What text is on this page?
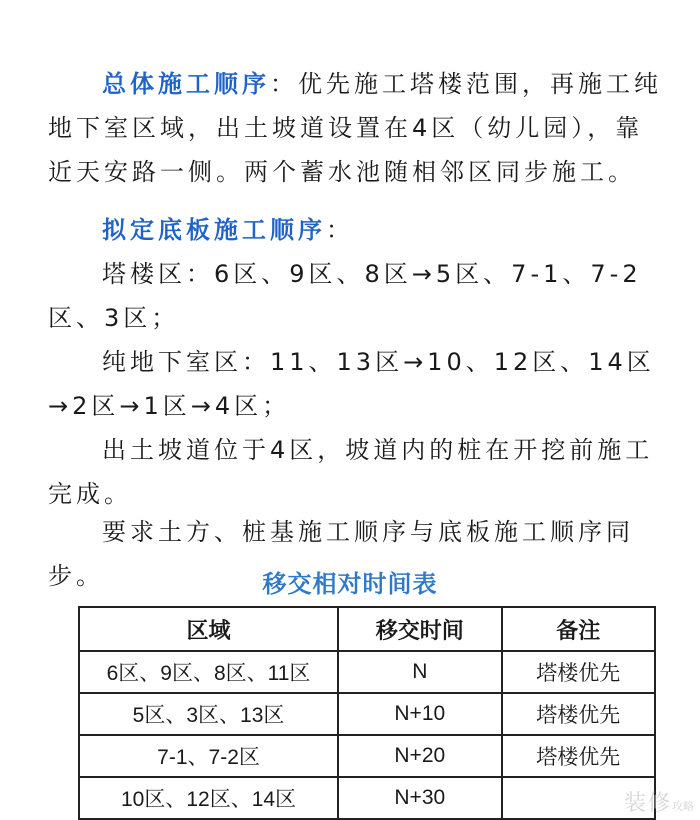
总体施工顺序：优先施工塔楼范围，再施工纯地下室区域，出土坡道设置在4区（幼儿园），靠近天安路一侧。两个蓄水池随相邻区同步施工。

拟定底板施工顺序：

塔楼区：6区、9区、8区→5区、7-1、7-2区、3区；

纯地下室区：11、13区→10、12区、14区→2区→1区→4区；

出土坡道位于4区，坡道内的桩在开挖前施工完成。

要求土方、桩基施工顺序与底板施工顺序同步。	移交相对时间表
区域	移交时间	备注
6区、9区、8区、11区	N	塔楼优先
5区、3区、13区	N+10	塔楼优先
7-1、7-2区	N+20	塔楼优先
10区、12区、14区	N+30		装修攻略
